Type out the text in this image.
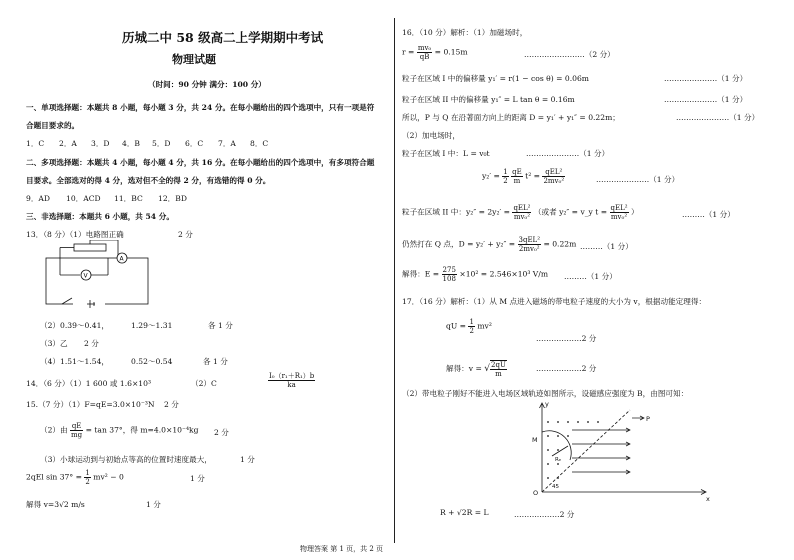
历城二中 58 级高二上学期期中考试
物理试题
（时间：90 分钟 满分：100 分）
一、单项选择题：本题共 8 小题，每小题 3 分，共 24 分。在每小题给出的四个选项中，只有一项是符
合题目要求的。
1．C 2．A 3．D 4．B 5．D 6．C 7．A 8．C
二、多项选择题：本题共 4 小题，每小题 4 分，共 16 分。在每小题给出的四个选项中，有多项符合题
目要求。全部选对的得 4 分，选对但不全的得 2 分，有选错的得 0 分。
9．AD 10．ACD 11．BC 12．BD
三、非选择题：本题共 6 小题，共 54 分。
13．（8 分）（1）电路图正确	2 分
A
V
（2）0.39～0.41，	1.29～1.31	各 1 分
（3）乙 2 分
（4）1.51～1.54，	0.52～0.54	各 1 分
14．（6 分）（1）1 600 或 1.6×10³	（2）C	$\frac{\text{I₀（r₁＋R₁）b}}{ka}$
15.（7 分）（1）F=qE=3.0×10⁻³N 2 分
（2）由 $\frac{qE}{mg} = \tan 37^\circ$，得 m=4.0×10⁻⁴kg 2 分
（3）小球运动到与初始点等高的位置时速度最大，	1 分
2qEl $\sin 37^\circ = \frac{1}{2} mv^2 - 0$	1 分
解得 v=3√2 m/s	1 分
16．（10 分）解析：（1）加磁场时，
$r = \frac{\text{mv₀}}{qB} = 0.15m$	……………………（2 分）
粒子在区域 I 中的偏移量 y₁′ = r(1 − cos θ) = 0.06m	…………………（1 分）
粒子在区域 II 中的偏移量 y₁″ = L tan θ = 0.16m	…………………（1 分）
所以，P 与 Q 在沿著面方向上的距离 D = y₁′ + y₁″ = 0.22m；	…………………（1 分）
（2）加电场时，
粒子在区域 I 中：L = v₀t	…………………（1 分）
$y_2' = \frac{1}{2}$
$\frac{qE}{m} t^2 = \frac{\text{qEL²}}{\text{2mv₀²}}$	…………………（1 分）
粒子在区域 II 中：$y_2'' = 2y_2' = \frac{\text{qEL²}}{\text{mv₀²}}$ （或者 y₂″ = v_y $t = \frac{\text{qEL²}}{\text{mv₀²}}$ ）	………（1 分）
仍然打在 Q 点，$D = y_2' + y_2'' = \frac{\text{3qEL²}}{\text{2mv₀²}} = 0.22m$ ………（1 分）
解得：$E = \frac{275}{108} \times 10^2 = 2.546\times 10^3$ V/m ………（1 分）
17．（16 分）解析：（1）从 M 点进入磁场的带电粒子速度的大小为 v，根据动能定理得：
qU = $\frac{1}{2} mv^2$
………………2 分
解得：v = √ $\frac{2qU}{m}$	………………2 分
（2）带电粒子刚好不能进入电场区域轨迹如图所示，设磁感应强度为 B，由图可知：
y
x
M
O
P
Rₑ
45
R + √2R = L	………………2 分
物理答案 第 1 页，共 2 页
